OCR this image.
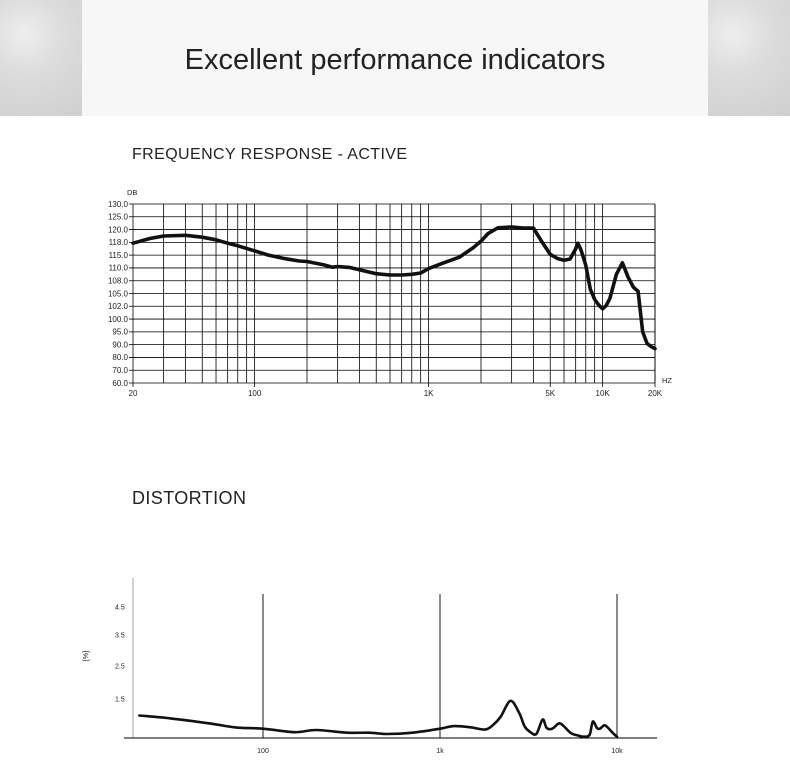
Excellent performance indicators
FREQUENCY RESPONSE - ACTIVE
DISTORTION
60.0
70.0
80.0
90.0
95.0
100.0
102.0
105.0
108.0
110.0
115.0
118.0
120.0
125.0
130.0
DB
HZ
20	100	1K	5K	10K	20K
100	1k	10k
4.5
3.5
2.5
1.5
[%]
